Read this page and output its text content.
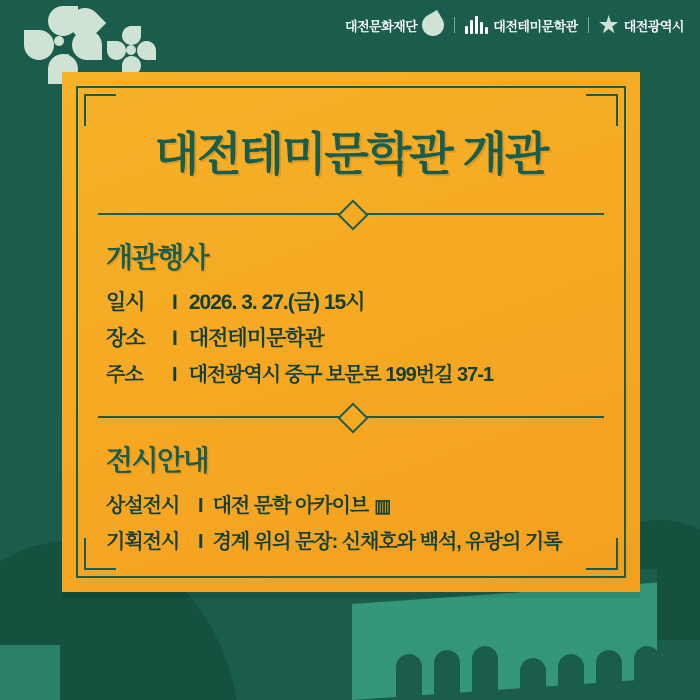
대전문화재단	대전테미문학관	대전광역시
대전테미문학관 개관
개관행사
일시	I 2026. 3. 27.(금) 15시
장소	I 대전테미문학관
주소	I 대전광역시 중구 보문로 199번길 37-1
전시안내
상설전시 I 대전 문학 아카이브 ▥
기획전시 I 경계 위의 문장: 신채호와 백석, 유랑의 기록
